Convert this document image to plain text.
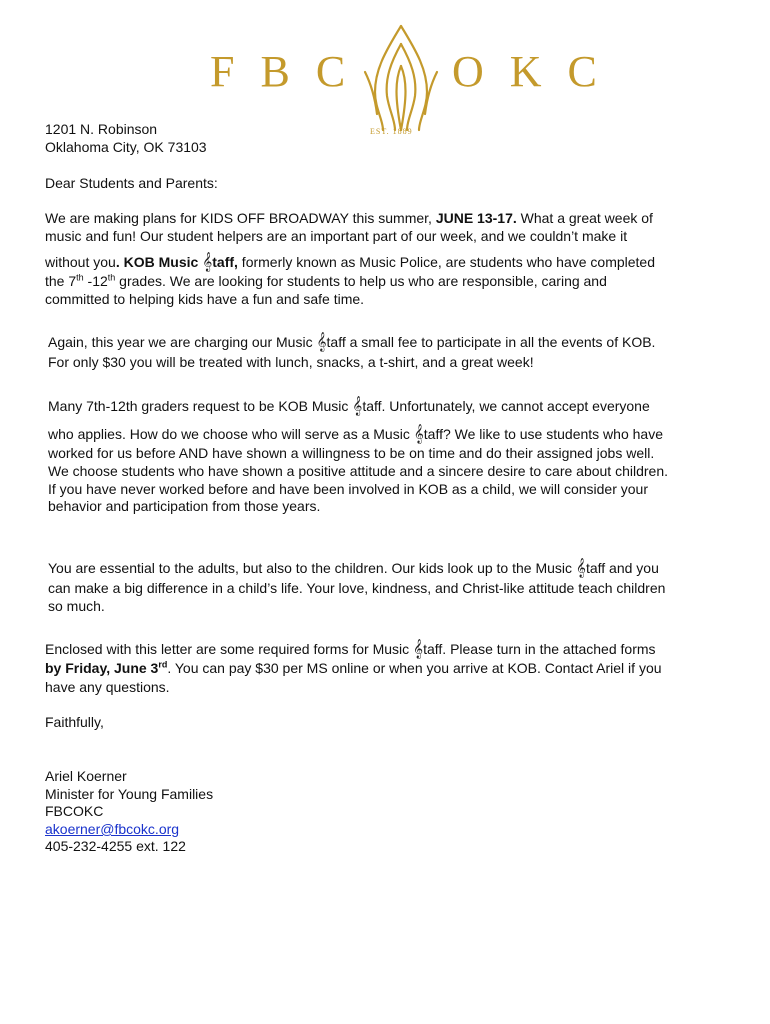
FBC OKC
EST. 1889
1201 N. Robinson
Oklahoma City, OK 73103
Dear Students and Parents:
We are making plans for KIDS OFF BROADWAY this summer, JUNE 13-17. What a great week of
music and fun! Our student helpers are an important part of our week, and we couldn’t make it
without you. KOB Music 𝄞taff, formerly known as Music Police, are students who have completed
the 7th -12th grades. We are looking for students to help us who are responsible, caring and
committed to helping kids have a fun and safe time.
Again, this year we are charging our Music 𝄞taff a small fee to participate in all the events of KOB.
For only $30 you will be treated with lunch, snacks, a t-shirt, and a great week!
Many 7th-12th graders request to be KOB Music 𝄞taff. Unfortunately, we cannot accept everyone
who applies. How do we choose who will serve as a Music 𝄞taff? We like to use students who have
worked for us before AND have shown a willingness to be on time and do their assigned jobs well.
We choose students who have shown a positive attitude and a sincere desire to care about children.
If you have never worked before and have been involved in KOB as a child, we will consider your
behavior and participation from those years.
You are essential to the adults, but also to the children. Our kids look up to the Music 𝄞taff and you
can make a big difference in a child’s life. Your love, kindness, and Christ-like attitude teach children
so much.
Enclosed with this letter are some required forms for Music 𝄞taff. Please turn in the attached forms
by Friday, June 3rd. You can pay $30 per MS online or when you arrive at KOB. Contact Ariel if you
have any questions.
Faithfully,
Ariel Koerner
Minister for Young Families
FBCOKC
akoerner@fbcokc.org
405-232-4255 ext. 122
